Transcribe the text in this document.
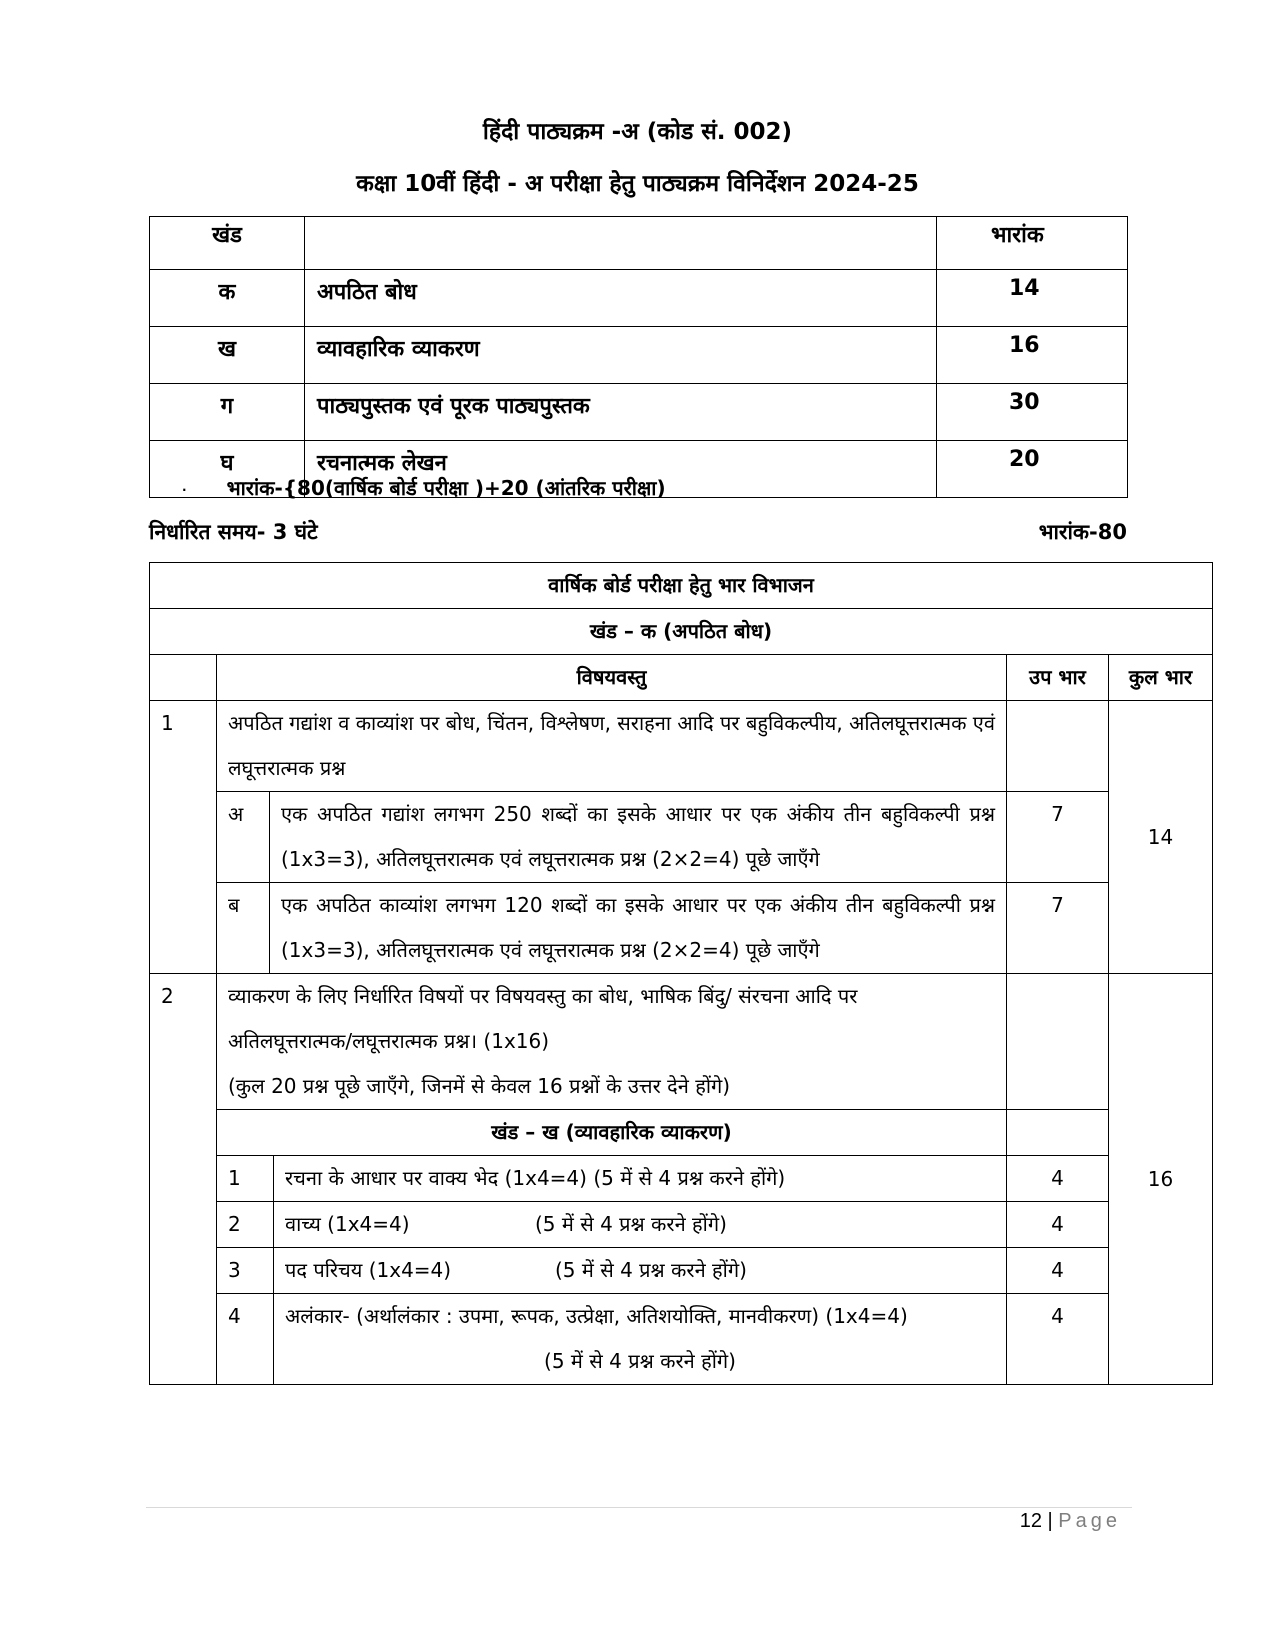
हिंदी पाठ्यक्रम -अ (कोड सं. 002)
कक्षा 10वीं हिंदी - अ परीक्षा हेतु पाठ्यक्रम विनिर्देशन 2024-25
खंड		भारांक
क	अपठित बोध	14
ख	व्यावहारिक व्याकरण	16
ग	पाठ्यपुस्तक एवं पूरक पाठ्यपुस्तक	30
घ	रचनात्मक लेखन	20
· भारांक-{80(वार्षिक बोर्ड परीक्षा )+20 (आंतरिक परीक्षा)
निर्धारित समय- 3 घंटे	भारांक-80

वार्षिक बोर्ड परीक्षा हेतु भार विभाजन					
खंड – क (अपठित बोध)					
	विषयवस्तु			उप भार	कुल भार
1	अपठित गद्यांश व काव्यांश पर बोध, चिंतन, विश्लेषण, सराहना आदि पर बहुविकल्पीय, अतिलघूत्तरात्मक एवं लघूत्तरात्मक प्रश्न				14
	अ	एक अपठित गद्यांश लगभग 250 शब्दों का इसके आधार पर एक अंकीय तीन बहुविकल्पी प्रश्न (1x3=3), अतिलघूत्तरात्मक एवं लघूत्तरात्मक प्रश्न (2×2=4) पूछे जाएँगे		7	
	ब	एक अपठित काव्यांश लगभग 120 शब्दों का इसके आधार पर एक अंकीय तीन बहुविकल्पी प्रश्न (1x3=3), अतिलघूत्तरात्मक एवं लघूत्तरात्मक प्रश्न (2×2=4) पूछे जाएँगे		7	
2	व्याकरण के लिए निर्धारित विषयों पर विषयवस्तु का बोध, भाषिक बिंदु/ संरचना आदि पर
अतिलघूत्तरात्मक/लघूत्तरात्मक प्रश्न। (1x16)
(कुल 20 प्रश्न पूछे जाएँगे, जिनमें से केवल 16 प्रश्नों के उत्तर देने होंगे)				16
	खंड – ख (व्यावहारिक व्याकरण)				
	1		रचना के आधार पर वाक्य भेद (1x4=4) (5 में से 4 प्रश्न करने होंगे)	4	
	2		वाच्य (1x4=4) (5 में से 4 प्रश्न करने होंगे)	4	
	3		पद परिचय (1x4=4) (5 में से 4 प्रश्न करने होंगे)	4	
	4		अलंकार- (अर्थालंकार : उपमा, रूपक, उत्प्रेक्षा, अतिशयोक्ति, मानवीकरण) (1x4=4)
(5 में से 4 प्रश्न करने होंगे)	4	
12 | Page
